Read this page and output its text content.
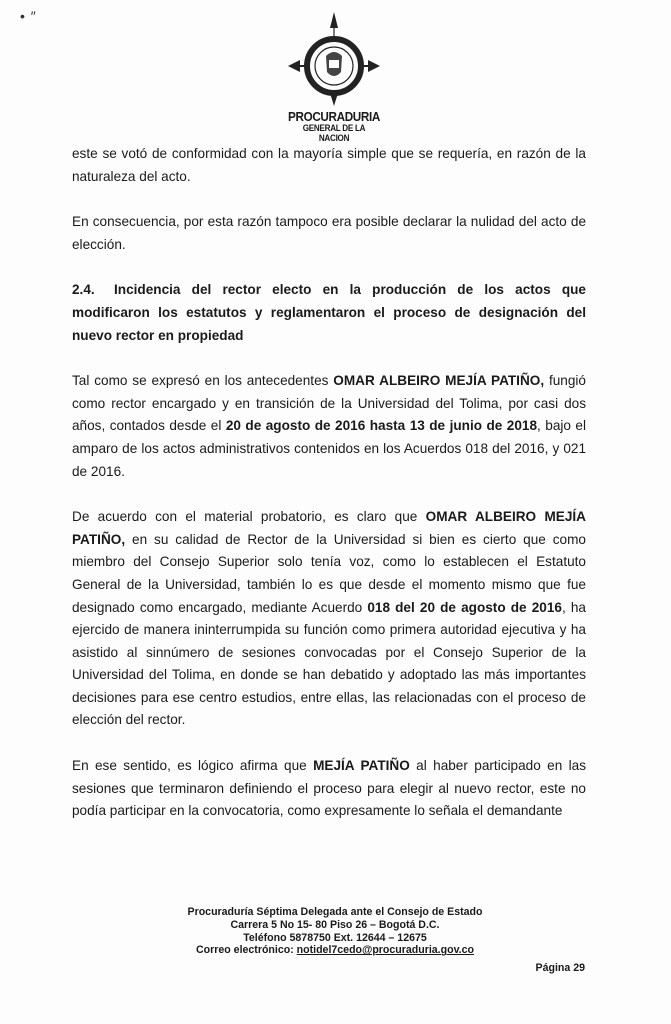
• ″
PROCURADURIA
GENERAL DE LA NACION

este se votó de conformidad con la mayoría simple que se requería, en razón de la naturaleza del acto.

En consecuencia, por esta razón tampoco era posible declarar la nulidad del acto de elección.

2.4. Incidencia del rector electo en la producción de los actos que modificaron los estatutos y reglamentaron el proceso de designación del nuevo rector en propiedad

Tal como se expresó en los antecedentes OMAR ALBEIRO MEJÍA PATIÑO, fungió como rector encargado y en transición de la Universidad del Tolima, por casi dos años, contados desde el 20 de agosto de 2016 hasta 13 de junio de 2018, bajo el amparo de los actos administrativos contenidos en los Acuerdos 018 del 2016, y 021 de 2016.

De acuerdo con el material probatorio, es claro que OMAR ALBEIRO MEJÍA PATIÑO, en su calidad de Rector de la Universidad si bien es cierto que como miembro del Consejo Superior solo tenía voz, como lo establecen el Estatuto General de la Universidad, también lo es que desde el momento mismo que fue designado como encargado, mediante Acuerdo 018 del 20 de agosto de 2016, ha ejercido de manera ininterrumpida su función como primera autoridad ejecutiva y ha asistido al sinnúmero de sesiones convocadas por el Consejo Superior de la Universidad del Tolima, en donde se han debatido y adoptado las más importantes decisiones para ese centro estudios, entre ellas, las relacionadas con el proceso de elección del rector.

En ese sentido, es lógico afirma que MEJÍA PATIÑO al haber participado en las sesiones que terminaron definiendo el proceso para elegir al nuevo rector, este no podía participar en la convocatoria, como expresamente lo señala el demandante

Procuraduría Séptima Delegada ante el Consejo de Estado
Carrera 5 No 15- 80 Piso 26 – Bogotá D.C.
Teléfono 5878750 Ext. 12644 – 12675
Correo electrónico: notidel7cedo@procuraduria.gov.co
Página 29
